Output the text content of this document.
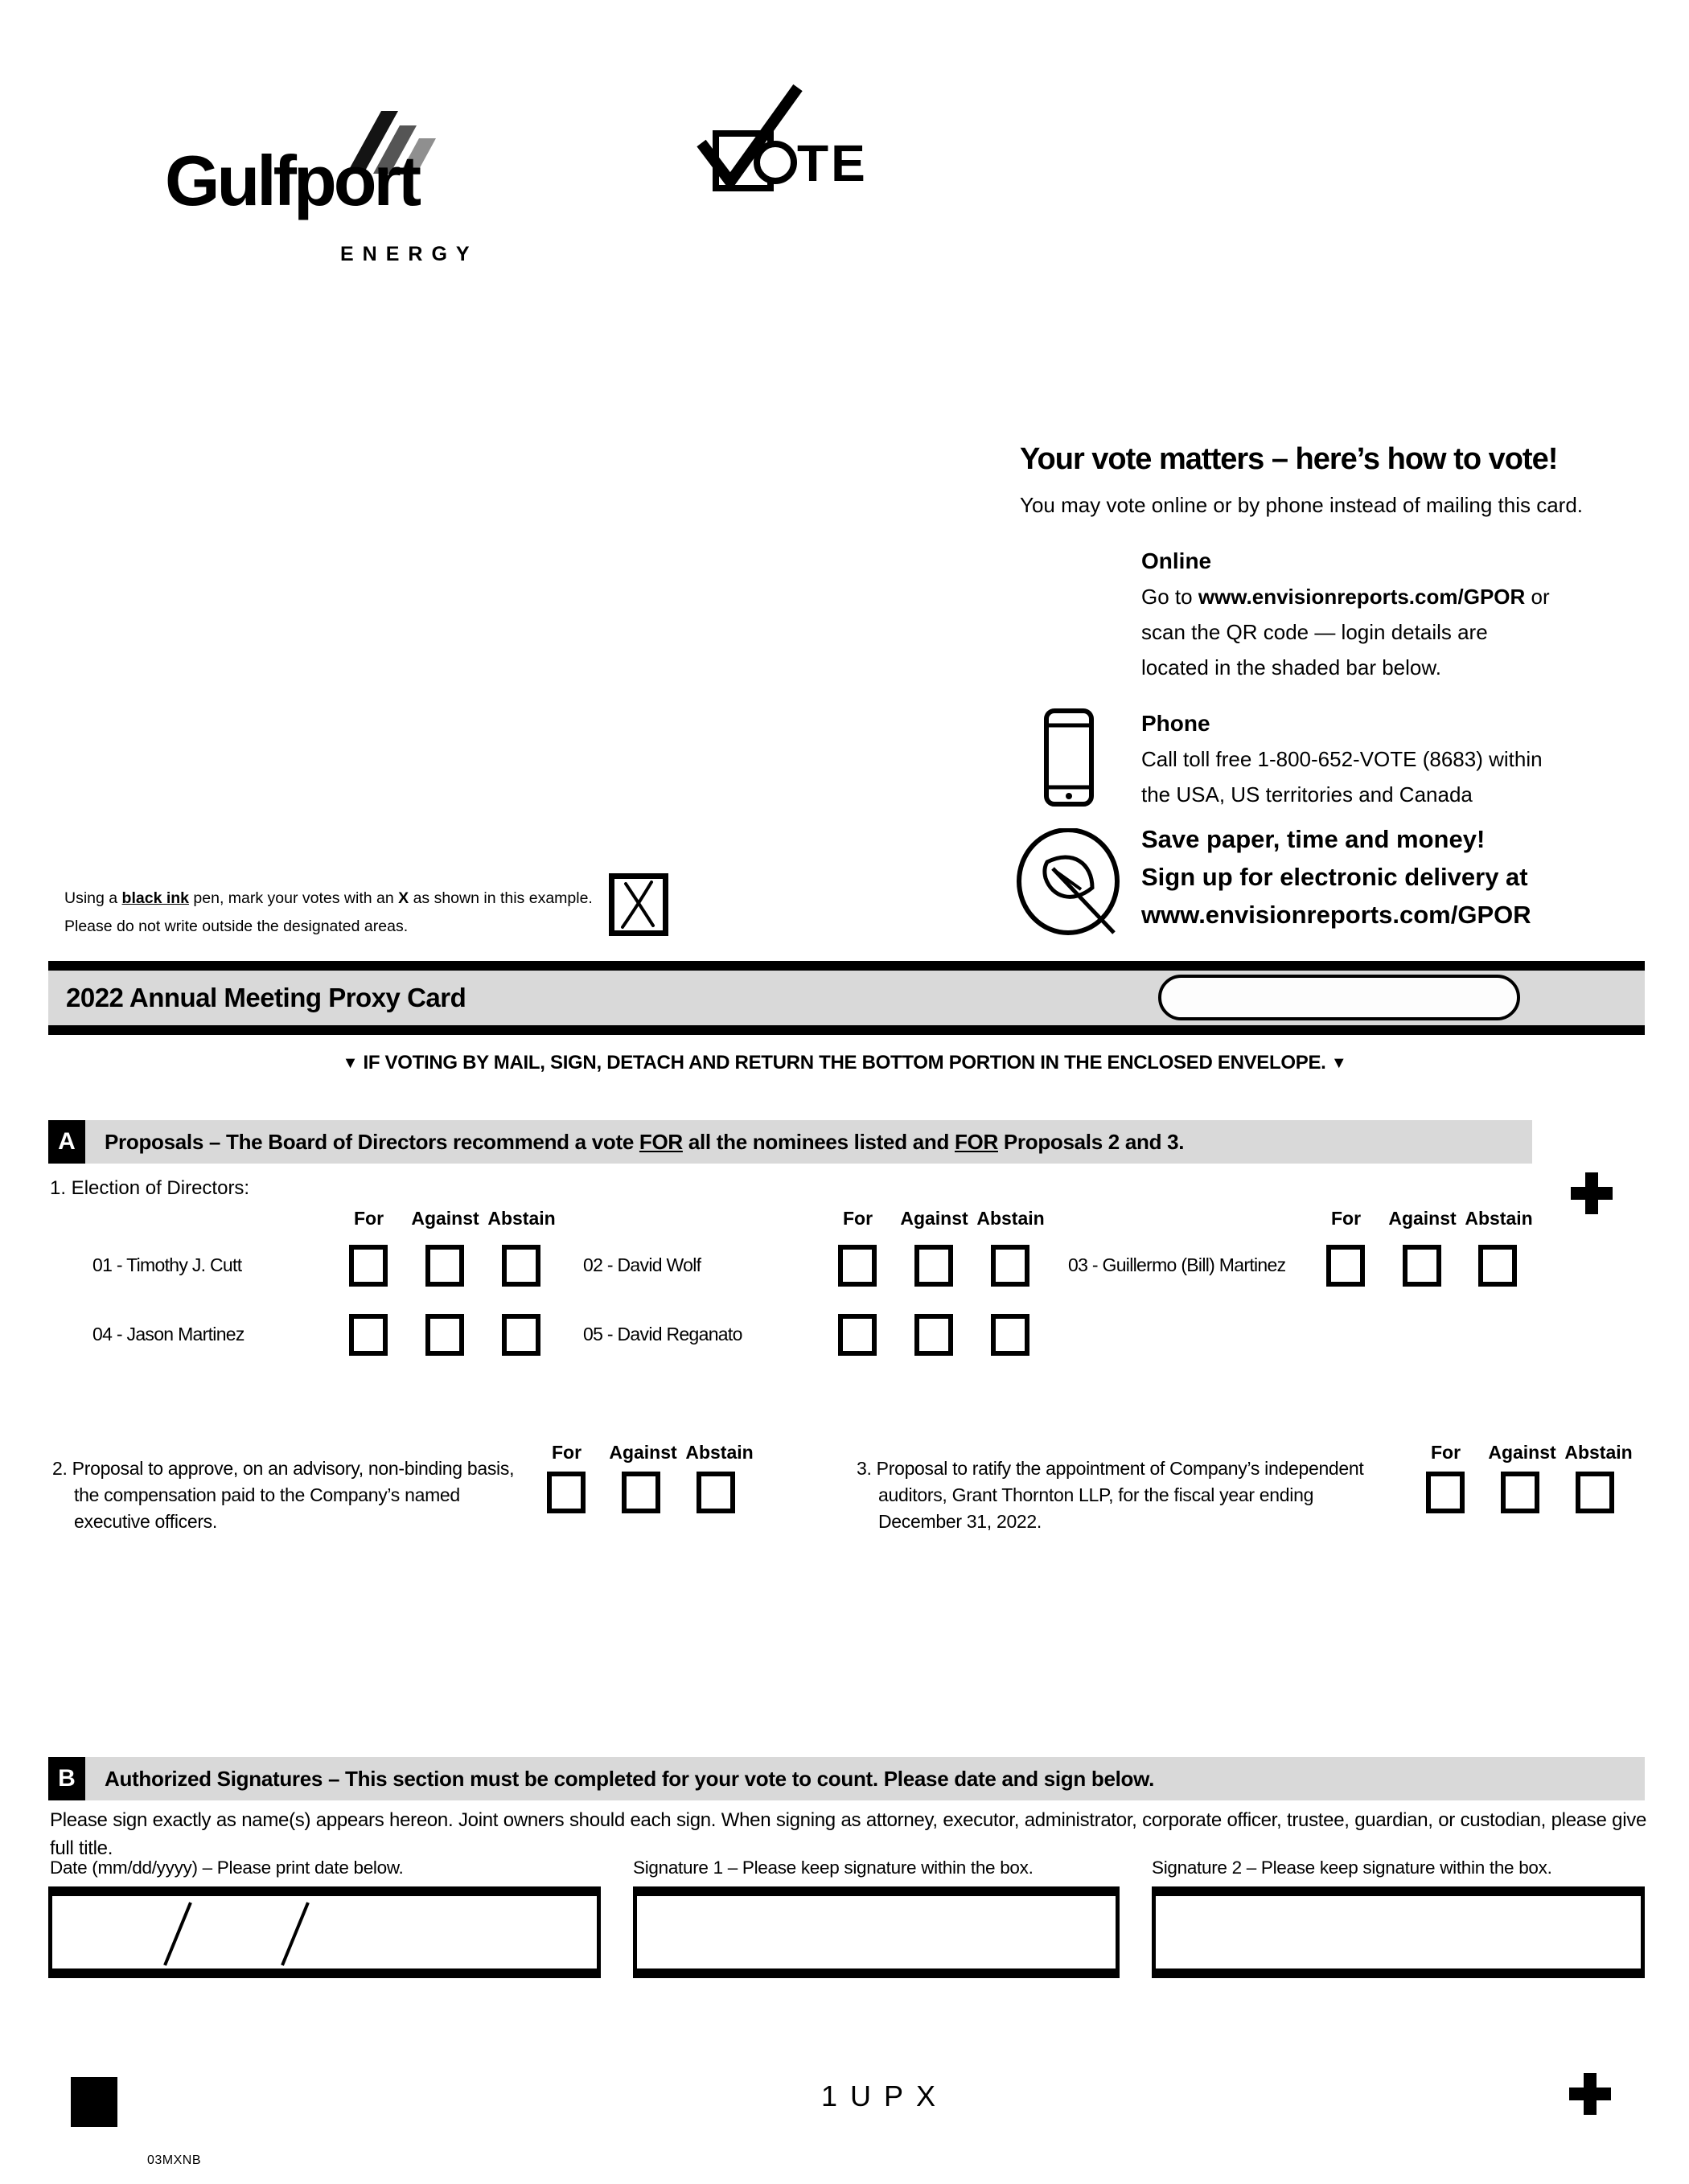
Gulfport
ENERGY
TE
Your vote matters – here’s how to vote!
You may vote online or by phone instead of mailing this card.
Online
Go to www.envisionreports.com/GPOR or
scan the QR code — login details are
located in the shaded bar below.
Phone
Call toll free 1-800-652-VOTE (8683) within
the USA, US territories and Canada
Save paper, time and money!
Sign up for electronic delivery at
www.envisionreports.com/GPOR
Using a black ink pen, mark your votes with an X as shown in this example.
Please do not write outside the designated areas.
2022 Annual Meeting Proxy Card
▼ IF VOTING BY MAIL, SIGN, DETACH AND RETURN THE BOTTOM PORTION IN THE ENCLOSED ENVELOPE. ▼
A	Proposals – The Board of Directors recommend a vote FOR all the nominees listed and FOR Proposals 2 and 3.
1. Election of Directors:
For	Against Abstain	For	Against Abstain	For	Against Abstain
01 - Timothy J. Cutt	02 - David Wolf	03 - Guillermo (Bill) Martinez
04 - Jason Martinez	05 - David Reganato
For	Against Abstain
2. Proposal to approve, on an advisory, non-binding basis,
the compensation paid to the Company’s named
executive officers.
For	Against Abstain
3. Proposal to ratify the appointment of Company’s independent
auditors, Grant Thornton LLP, for the fiscal year ending
December 31, 2022.
B	Authorized Signatures – This section must be completed for your vote to count. Please date and sign below.
Please sign exactly as name(s) appears hereon. Joint owners should each sign. When signing as attorney, executor, administrator, corporate officer, trustee, guardian, or custodian, please give full title.
Date (mm/dd/yyyy) – Please print date below.	Signature 1 – Please keep signature within the box.	Signature 2 – Please keep signature within the box.
1UPX
03MXNB
